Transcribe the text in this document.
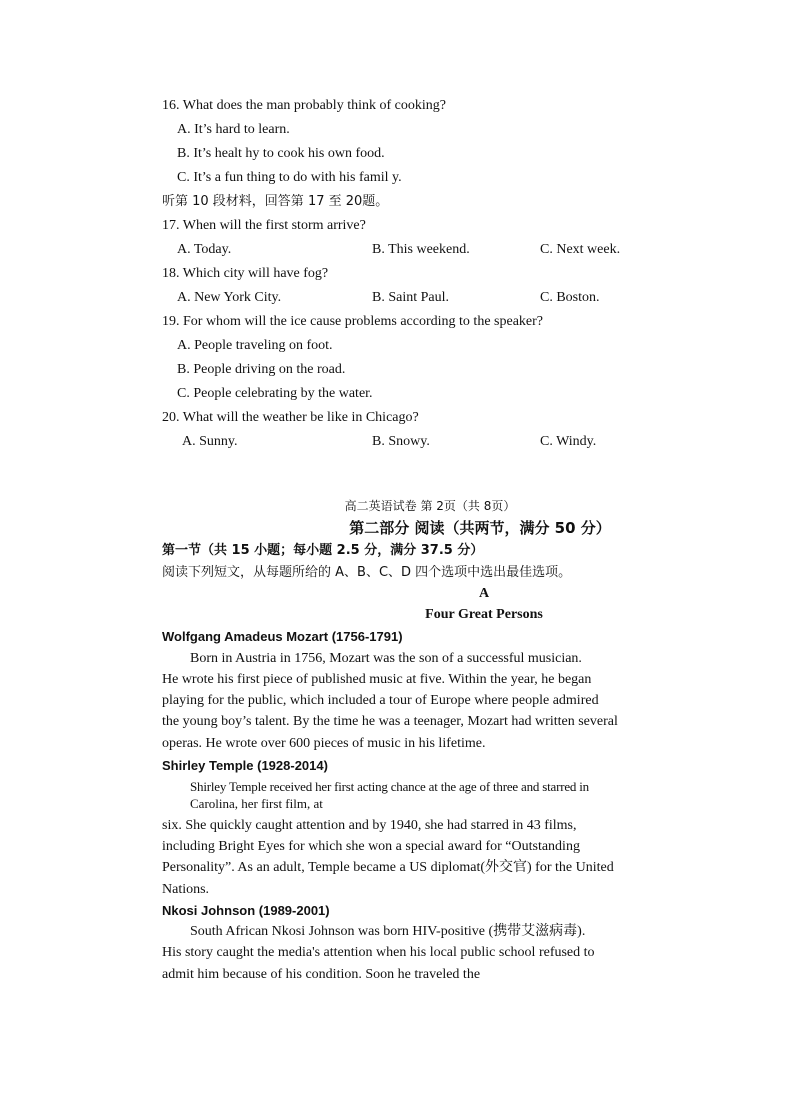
16. What does the man probably think of cooking?
A. It’s hard to learn.
B. It’s healt hy to cook his own food.
C. It’s a fun thing to do with his famil y.
听第 10 段材料，回答第 17 至 20题。
17. When will the first storm arrive?
A. Today.	B. This weekend.	C. Next week.
18. Which city will have fog?
A. New York City.	B. Saint Paul.	C. Boston.
19. For whom will the ice cause problems according to the speaker?
A. People traveling on foot.
B. People driving on the road.
C. People celebrating by the water.
20. What will the weather be like in Chicago?
A. Sunny.	B. Snowy.	C. Windy.
高二英语试卷 第 2页（共 8页）
第二部分 阅读（共两节，满分 50 分）
第一节（共 15 小题；每小题 2.5 分，满分 37.5 分）
阅读下列短文，从每题所给的 A、B、C、D 四个选项中选出最佳选项。
A
Four Great Persons
Wolfgang Amadeus Mozart (1756-1791)
Born in Austria in 1756, Mozart was the son of a successful musician.
He wrote his first piece of published music at five. Within the year, he began
playing for the public, which included a tour of Europe where people admired
the young boy’s talent. By the time he was a teenager, Mozart had written several
operas. He wrote over 600 pieces of music in his lifetime.
Shirley Temple (1928-2014)
Shirley Temple received her first acting chance at the age of three and starred in
Carolina, her first film, at
six. She quickly caught attention and by 1940, she had starred in 43 films,
including Bright Eyes for which she won a special award for “Outstanding
Personality”. As an adult, Temple became a US diplomat(外交官) for the United
Nations.
Nkosi Johnson (1989-2001)
South African Nkosi Johnson was born HIV-positive (携带艾滋病毒).
His story caught the media's attention when his local public school refused to
admit him because of his condition. Soon he traveled the
